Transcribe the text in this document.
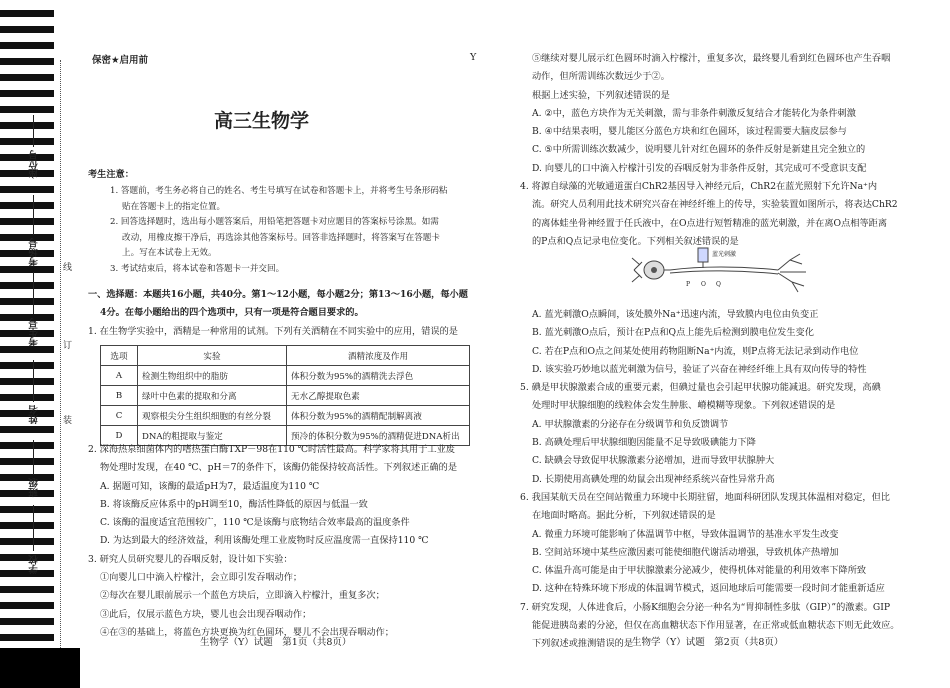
座位号
考场号
考生号
姓名
班级
学校
线
订
装
保密★启用前	Y
高三生物学
考生注意：
1. 答题前，考生务必将自己的姓名、考生号填写在试卷和答题卡上，并将考生号条形码粘
贴在答题卡上的指定位置。
2. 回答选择题时，选出每小题答案后，用铅笔把答题卡对应题目的答案标号涂黑。如需
改动，用橡皮擦干净后，再选涂其他答案标号。回答非选择题时，将答案写在答题卡
上。写在本试卷上无效。
3. 考试结束后，将本试卷和答题卡一并交回。
一、选择题：本题共16小题，共40分。第1～12小题，每小题2分；第13～16小题，每小题
4分。在每小题给出的四个选项中，只有一项是符合题目要求的。
1. 在生物学实验中，酒精是一种常用的试剂。下列有关酒精在不同实验中的应用，错误的是
选项	实验	酒精浓度及作用
A	检测生物组织中的脂肪	体积分数为95%的酒精洗去浮色
B	绿叶中色素的提取和分离	无水乙醇提取色素
C	观察根尖分生组织细胞的有丝分裂	体积分数为95%的酒精配制解离液
D	DNA的粗提取与鉴定	预冷的体积分数为95%的酒精促进DNA析出
2. 深海热泉细菌体内的嗜热蛋白酶TXP－98在110 ℃时活性最高。科学家将其用于工业废
物处理时发现，在40 ℃、pH＝7的条件下，该酶仍能保持较高活性。下列叙述正确的是
A. 据题可知，该酶的最适pH为7，最适温度为110 ℃
B. 将该酶反应体系中的pH调至10，酶活性降低的原因与低温一致
C. 该酶的温度适宜范围较广，110 ℃是该酶与底物结合效率最高的温度条件
D. 为达到最大的经济效益，利用该酶处理工业废物时反应温度需一直保持110 ℃
3. 研究人员研究婴儿的吞咽反射，设计如下实验：
①向婴儿口中滴入柠檬汁，会立即引发吞咽动作；
②每次在婴儿眼前展示一个蓝色方块后，立即滴入柠檬汁，重复多次；
③此后，仅展示蓝色方块，婴儿也会出现吞咽动作；
④在③的基础上，将蓝色方块更换为红色圆环，婴儿不会出现吞咽动作；
生物学（Y）试题　第1页（共8页）
⑤继续对婴儿展示红色圆环时滴入柠檬汁，重复多次，最终婴儿看到红色圆环也产生吞咽
动作，但所需训练次数远少于②。
根据上述实验，下列叙述错误的是
A. ②中，蓝色方块作为无关刺激，需与非条件刺激反复结合才能转化为条件刺激
B. ④中结果表明，婴儿能区分蓝色方块和红色圆环，该过程需要大脑皮层参与
C. ⑤中所需训练次数减少，说明婴儿针对红色圆环的条件反射是新建且完全独立的
D. 向婴儿的口中滴入柠檬汁引发的吞咽反射为非条件反射，其完成可不受意识支配
4. 将源自绿藻的光敏通道蛋白ChR2基因导入神经元后，ChR2在蓝光照射下允许Na⁺内
流。研究人员利用此技术研究兴奋在神经纤维上的传导，实验装置如图所示，将表达ChR2
的离体蛙坐骨神经置于任氏液中，在O点进行短暂精准的蓝光刺激，并在离O点相等距离
的P点和Q点记录电位变化。下列相关叙述错误的是
蓝光刺激
P O Q
A. 蓝光刺激O点瞬间，该处膜外Na⁺迅速内流，导致膜内电位由负变正
B. 蓝光刺激O点后，预计在P点和Q点上能先后检测到膜电位发生变化
C. 若在P点和O点之间某处使用药物阻断Na⁺内流，则P点将无法记录到动作电位
D. 该实验巧妙地以蓝光刺激为信号，验证了兴奋在神经纤维上具有双向传导的特性
5. 碘是甲状腺激素合成的重要元素，但碘过量也会引起甲状腺功能减退。研究发现，高碘
处理时甲状腺细胞的线粒体会发生肿胀、嵴模糊等现象。下列叙述错误的是
A. 甲状腺激素的分泌存在分级调节和负反馈调节
B. 高碘处理后甲状腺细胞因能量不足导致吸碘能力下降
C. 缺碘会导致促甲状腺激素分泌增加，进而导致甲状腺肿大
D. 长期使用高碘处理的幼鼠会出现神经系统兴奋性异常升高
6. 我国某航天员在空间站微重力环境中长期驻留，地面科研团队发现其体温相对稳定，但比
在地面时略高。据此分析，下列叙述错误的是
A. 微重力环境可能影响了体温调节中枢，导致体温调节的基准水平发生改变
B. 空间站环境中某些应激因素可能使细胞代谢活动增强，导致机体产热增加
C. 体温升高可能是由于甲状腺激素分泌减少，使得机体对能量的利用效率下降所致
D. 这种在特殊环境下形成的体温调节模式，返回地球后可能需要一段时间才能重新适应
7. 研究发现，人体进食后，小肠K细胞会分泌一种名为“胃抑制性多肽（GIP）”的激素。GIP
能促进胰岛素的分泌，但仅在高血糖状态下作用显著，在正常或低血糖状态下则无此效应。
下列叙述或推测错误的是
生物学（Y）试题　第2页（共8页）
